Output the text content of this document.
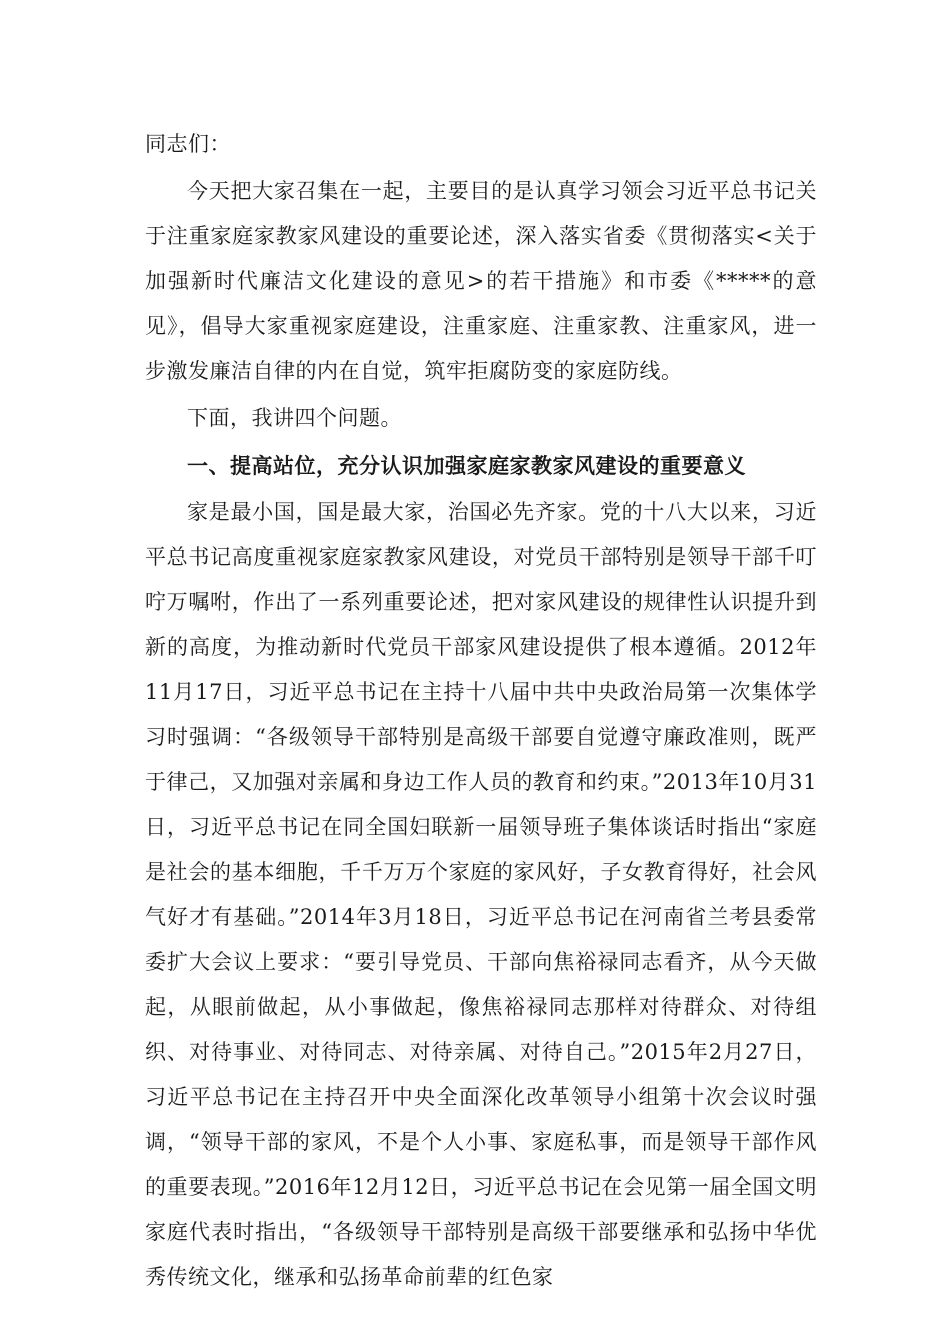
同志们：

今天把大家召集在一起，主要目的是认真学习领会习近平总书记关于注重家庭家教家风建设的重要论述，深入落实省委《贯彻落实<关于加强新时代廉洁文化建设的意见>的若干措施》和市委《*****的意见》，倡导大家重视家庭建设，注重家庭、注重家教、注重家风，进一步激发廉洁自律的内在自觉，筑牢拒腐防变的家庭防线。

下面，我讲四个问题。

一、提高站位，充分认识加强家庭家教家风建设的重要意义

家是最小国，国是最大家，治国必先齐家。党的十八大以来，习近平总书记高度重视家庭家教家风建设，对党员干部特别是领导干部千叮咛万嘱咐，作出了一系列重要论述，把对家风建设的规律性认识提升到新的高度，为推动新时代党员干部家风建设提供了根本遵循。2012年11月17日，习近平总书记在主持十八届中共中央政治局第一次集体学习时强调：“各级领导干部特别是高级干部要自觉遵守廉政准则，既严于律己，又加强对亲属和身边工作人员的教育和约束。”2013年10月31日，习近平总书记在同全国妇联新一届领导班子集体谈话时指出“家庭是社会的基本细胞，千千万万个家庭的家风好，子女教育得好，社会风气好才有基础。”2014年3月18日，习近平总书记在河南省兰考县委常委扩大会议上要求：“要引导党员、干部向焦裕禄同志看齐，从今天做起，从眼前做起，从小事做起，像焦裕禄同志那样对待群众、对待组织、对待事业、对待同志、对待亲属、对待自己。”2015年2月27日，习近平总书记在主持召开中央全面深化改革领导小组第十次会议时强调，“领导干部的家风，不是个人小事、家庭私事，而是领导干部作风的重要表现。”2016年12月12日，习近平总书记在会见第一届全国文明家庭代表时指出，“各级领导干部特别是高级干部要继承和弘扬中华优秀传统文化，继承和弘扬革命前辈的红色家
